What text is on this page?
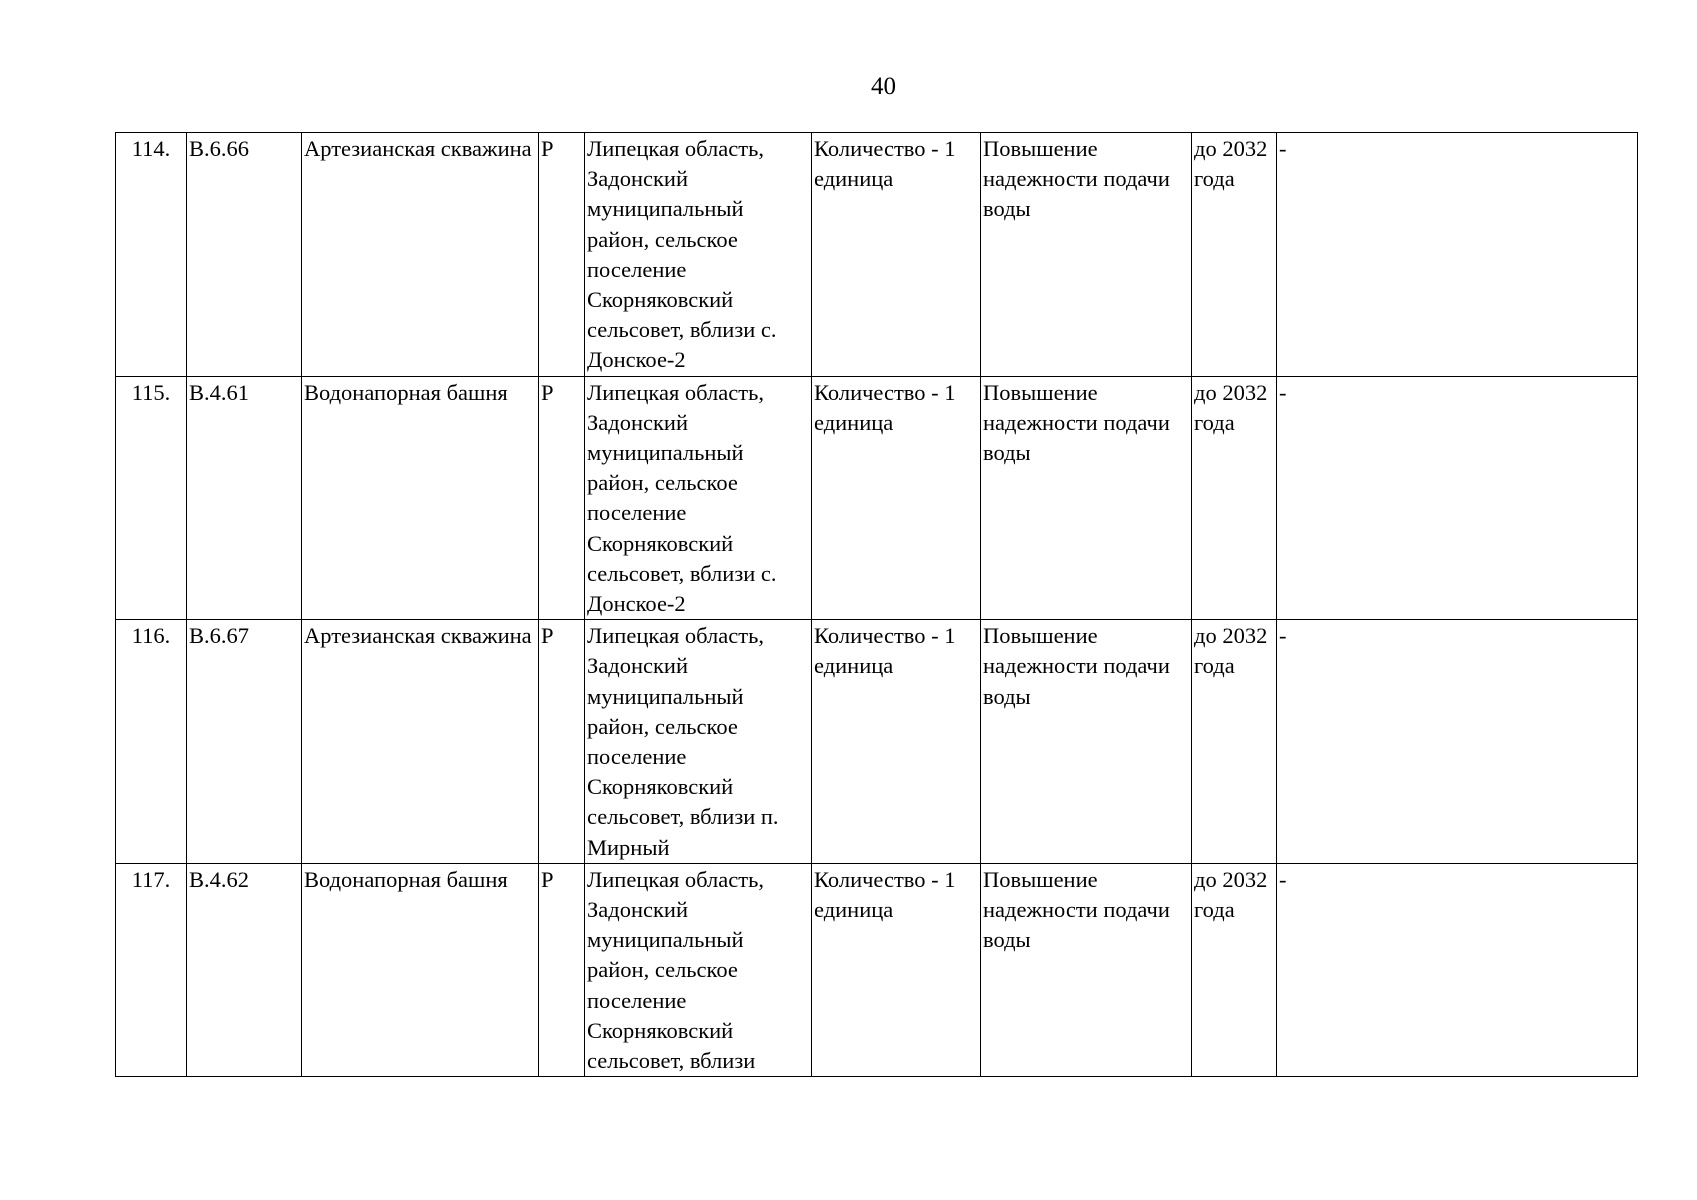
40
114.	В.6.66	Артезианская скважина	Р	Липецкая область, Задонский муниципальный район, сельское поселение Скорняковский сельсовет, вблизи с. Донское-2	Количество - 1 единица	Повышение надежности подачи воды	до 2032 года	-
115.	В.4.61	Водонапорная башня	Р	Липецкая область, Задонский муниципальный район, сельское поселение Скорняковский сельсовет, вблизи с. Донское-2	Количество - 1 единица	Повышение надежности подачи воды	до 2032 года	-
116.	В.6.67	Артезианская скважина	Р	Липецкая область, Задонский муниципальный район, сельское поселение Скорняковский сельсовет, вблизи п. Мирный	Количество - 1 единица	Повышение надежности подачи воды	до 2032 года	-
117.	В.4.62	Водонапорная башня	Р	Липецкая область, Задонский муниципальный район, сельское поселение Скорняковский сельсовет, вблизи	Количество - 1 единица	Повышение надежности подачи воды	до 2032 года	-
